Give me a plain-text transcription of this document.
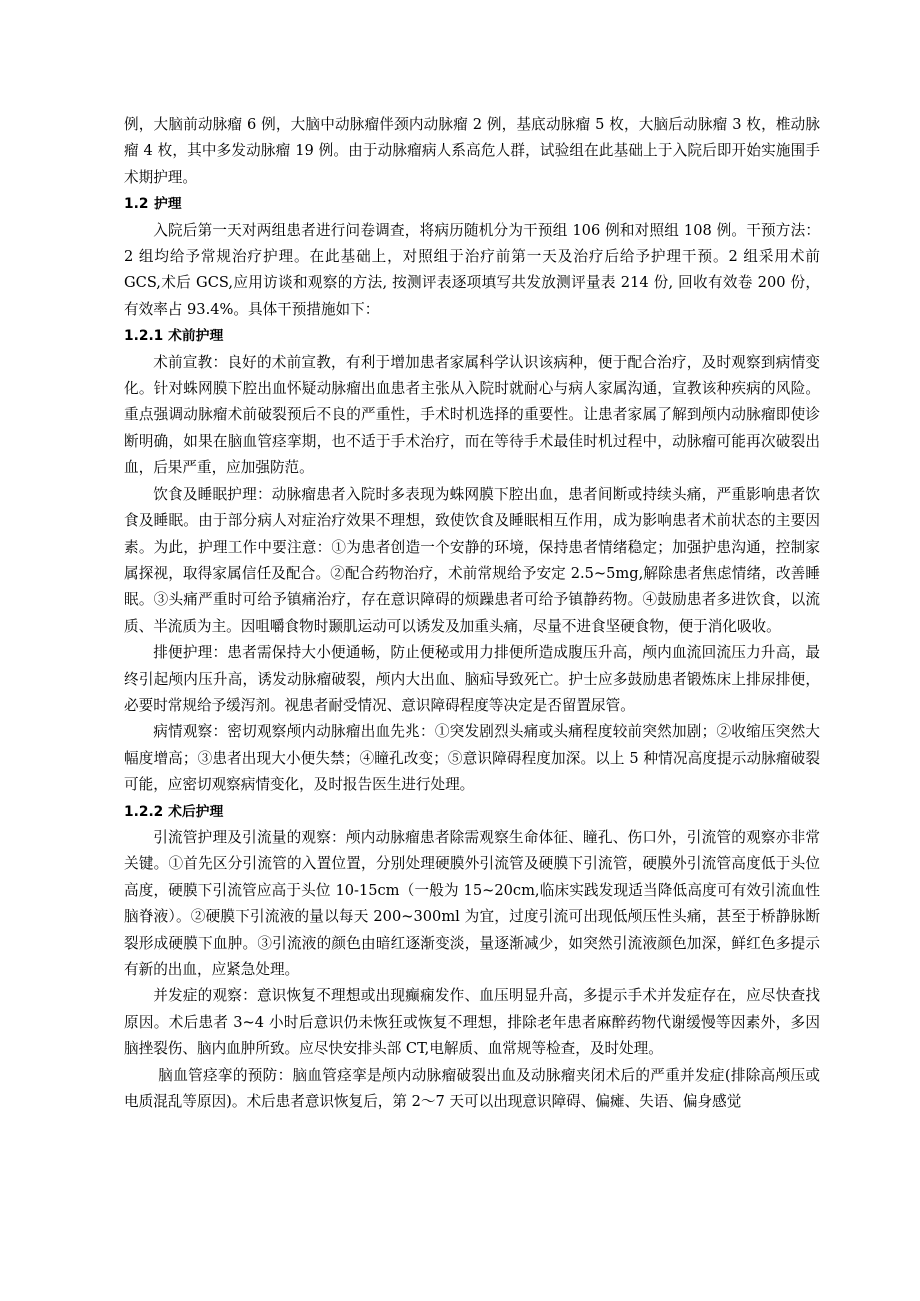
例，大脑前动脉瘤 6 例，大脑中动脉瘤伴颈内动脉瘤 2 例，基底动脉瘤 5 枚，大脑后动脉瘤 3 枚，椎动脉瘤 4 枚，其中多发动脉瘤 19 例。由于动脉瘤病人系高危人群，试验组在此基础上于入院后即开始实施围手术期护理。

1.2 护理

入院后第一天对两组患者进行问卷调查，将病历随机分为干预组 106 例和对照组 108 例。干预方法：2 组均给予常规治疗护理。在此基础上，对照组于治疗前第一天及治疗后给予护理干预。2 组采用术前 GCS,术后 GCS,应用访谈和观察的方法, 按测评表逐项填写共发放测评量表 214 份, 回收有效卷 200 份，有效率占 93.4%。具体干预措施如下：

1.2.1 术前护理

术前宣教：良好的术前宣教，有利于增加患者家属科学认识该病种，便于配合治疗，及时观察到病情变化。针对蛛网膜下腔出血怀疑动脉瘤出血患者主张从入院时就耐心与病人家属沟通，宣教该种疾病的风险。重点强调动脉瘤术前破裂预后不良的严重性，手术时机选择的重要性。让患者家属了解到颅内动脉瘤即使诊断明确，如果在脑血管痉挛期，也不适于手术治疗，而在等待手术最佳时机过程中，动脉瘤可能再次破裂出血，后果严重，应加强防范。

饮食及睡眠护理：动脉瘤患者入院时多表现为蛛网膜下腔出血，患者间断或持续头痛，严重影响患者饮食及睡眠。由于部分病人对症治疗效果不理想，致使饮食及睡眠相互作用，成为影响患者术前状态的主要因素。为此，护理工作中要注意：①为患者创造一个安静的环境，保持患者情绪稳定；加强护患沟通，控制家属探视，取得家属信任及配合。②配合药物治疗，术前常规给予安定 2.5~5mg,解除患者焦虑情绪，改善睡眠。③头痛严重时可给予镇痛治疗，存在意识障碍的烦躁患者可给予镇静药物。④鼓励患者多进饮食，以流质、半流质为主。因咀嚼食物时颞肌运动可以诱发及加重头痛，尽量不进食坚硬食物，便于消化吸收。

排便护理：患者需保持大小便通畅，防止便秘或用力排便所造成腹压升高，颅内血流回流压力升高，最终引起颅内压升高，诱发动脉瘤破裂，颅内大出血、脑疝导致死亡。护士应多鼓励患者锻炼床上排尿排便，必要时常规给予缓泻剂。视患者耐受情况、意识障碍程度等决定是否留置尿管。

病情观察：密切观察颅内动脉瘤出血先兆：①突发剧烈头痛或头痛程度较前突然加剧；②收缩压突然大幅度增高；③患者出现大小便失禁；④瞳孔改变；⑤意识障碍程度加深。以上 5 种情况高度提示动脉瘤破裂可能，应密切观察病情变化，及时报告医生进行处理。

1.2.2 术后护理

引流管护理及引流量的观察：颅内动脉瘤患者除需观察生命体征、瞳孔、伤口外，引流管的观察亦非常关键。①首先区分引流管的入置位置，分别处理硬膜外引流管及硬膜下引流管，硬膜外引流管高度低于头位高度，硬膜下引流管应高于头位 10-15cm（一般为 15~20cm,临床实践发现适当降低高度可有效引流血性脑脊液）。②硬膜下引流液的量以每天 200~300ml 为宜，过度引流可出现低颅压性头痛，甚至于桥静脉断裂形成硬膜下血肿。③引流液的颜色由暗红逐渐变淡，量逐渐减少，如突然引流液颜色加深，鲜红色多提示有新的出血，应紧急处理。

并发症的观察：意识恢复不理想或出现癫痫发作、血压明显升高，多提示手术并发症存在，应尽快查找原因。术后患者 3~4 小时后意识仍未恢狂或恢复不理想，排除老年患者麻醉药物代谢缓慢等因素外，多因脑挫裂伤、脑内血肿所致。应尽快安排头部 CT,电解质、血常规等检查，及时处理。

脑血管痉挛的预防：脑血管痉挛是颅内动脉瘤破裂出血及动脉瘤夹闭术后的严重并发症(排除高颅压或电质混乱等原因)。术后患者意识恢复后，第 2～7 天可以出现意识障碍、偏瘫、失语、偏身感觉
